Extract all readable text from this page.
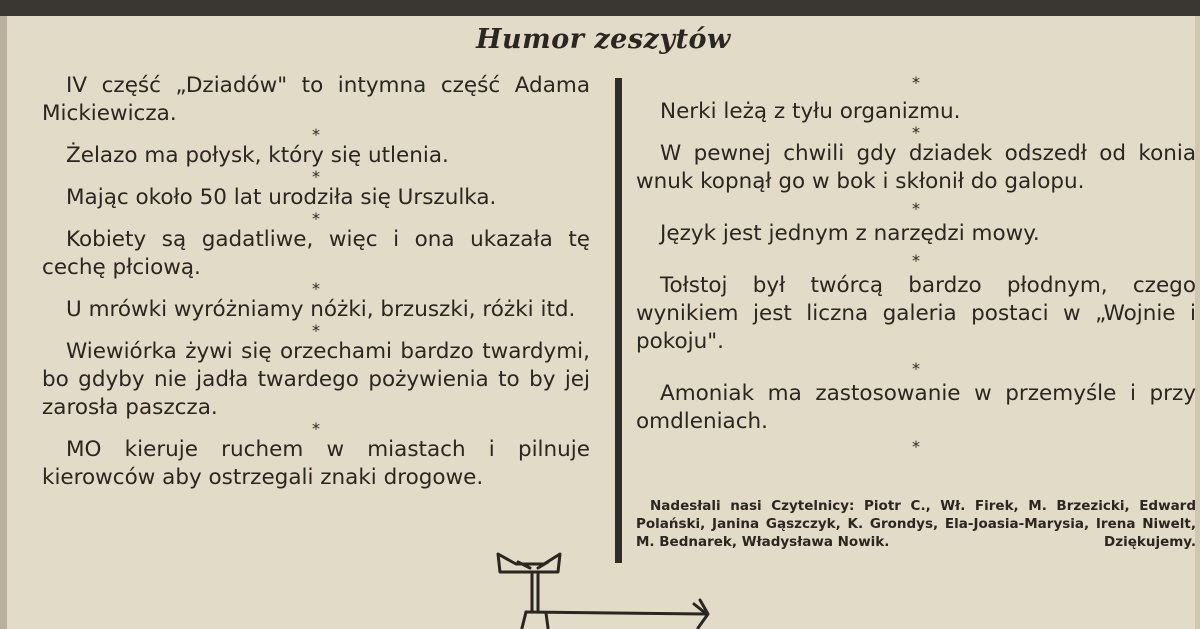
Humor zeszytów

IV część „Dziadów" to intymna część Adama Mickiewicza.

*

Żelazo ma połysk, który się utlenia.

*

Mając około 50 lat urodziła się Urszulka.

*

Kobiety są gadatliwe, więc i ona ukazała tę cechę płciową.

*

U mrówki wyróżniamy nóżki, brzuszki, różki itd.

*

Wiewiórka żywi się orzechami bardzo twardymi, bo gdyby nie jadła twardego pożywienia to by jej zarosła paszcza.

*

MO kieruje ruchem w miastach i pilnuje kierowców aby ostrzegali znaki drogowe.

*

Nerki leżą z tyłu organizmu.

*

W pewnej chwili gdy dziadek odszedł od konia wnuk kopnął go w bok i skłonił do galopu.

*

Język jest jednym z narzędzi mowy.

*

Tołstoj był twórcą bardzo płodnym, czego wynikiem jest liczna galeria postaci w „Wojnie i pokoju".

*

Amoniak ma zastosowanie w przemyśle i przy omdleniach.

*
Nadesłali nasi Czytelnicy: Piotr C., Wł. Firek, M. Brzezicki, Edward Polański, Janina Gąszczyk, K. Grondys, Ela-Joasia-Marysia, Irena Niwelt, M. Bednarek, Władysława Nowik.	Dziękujemy.
